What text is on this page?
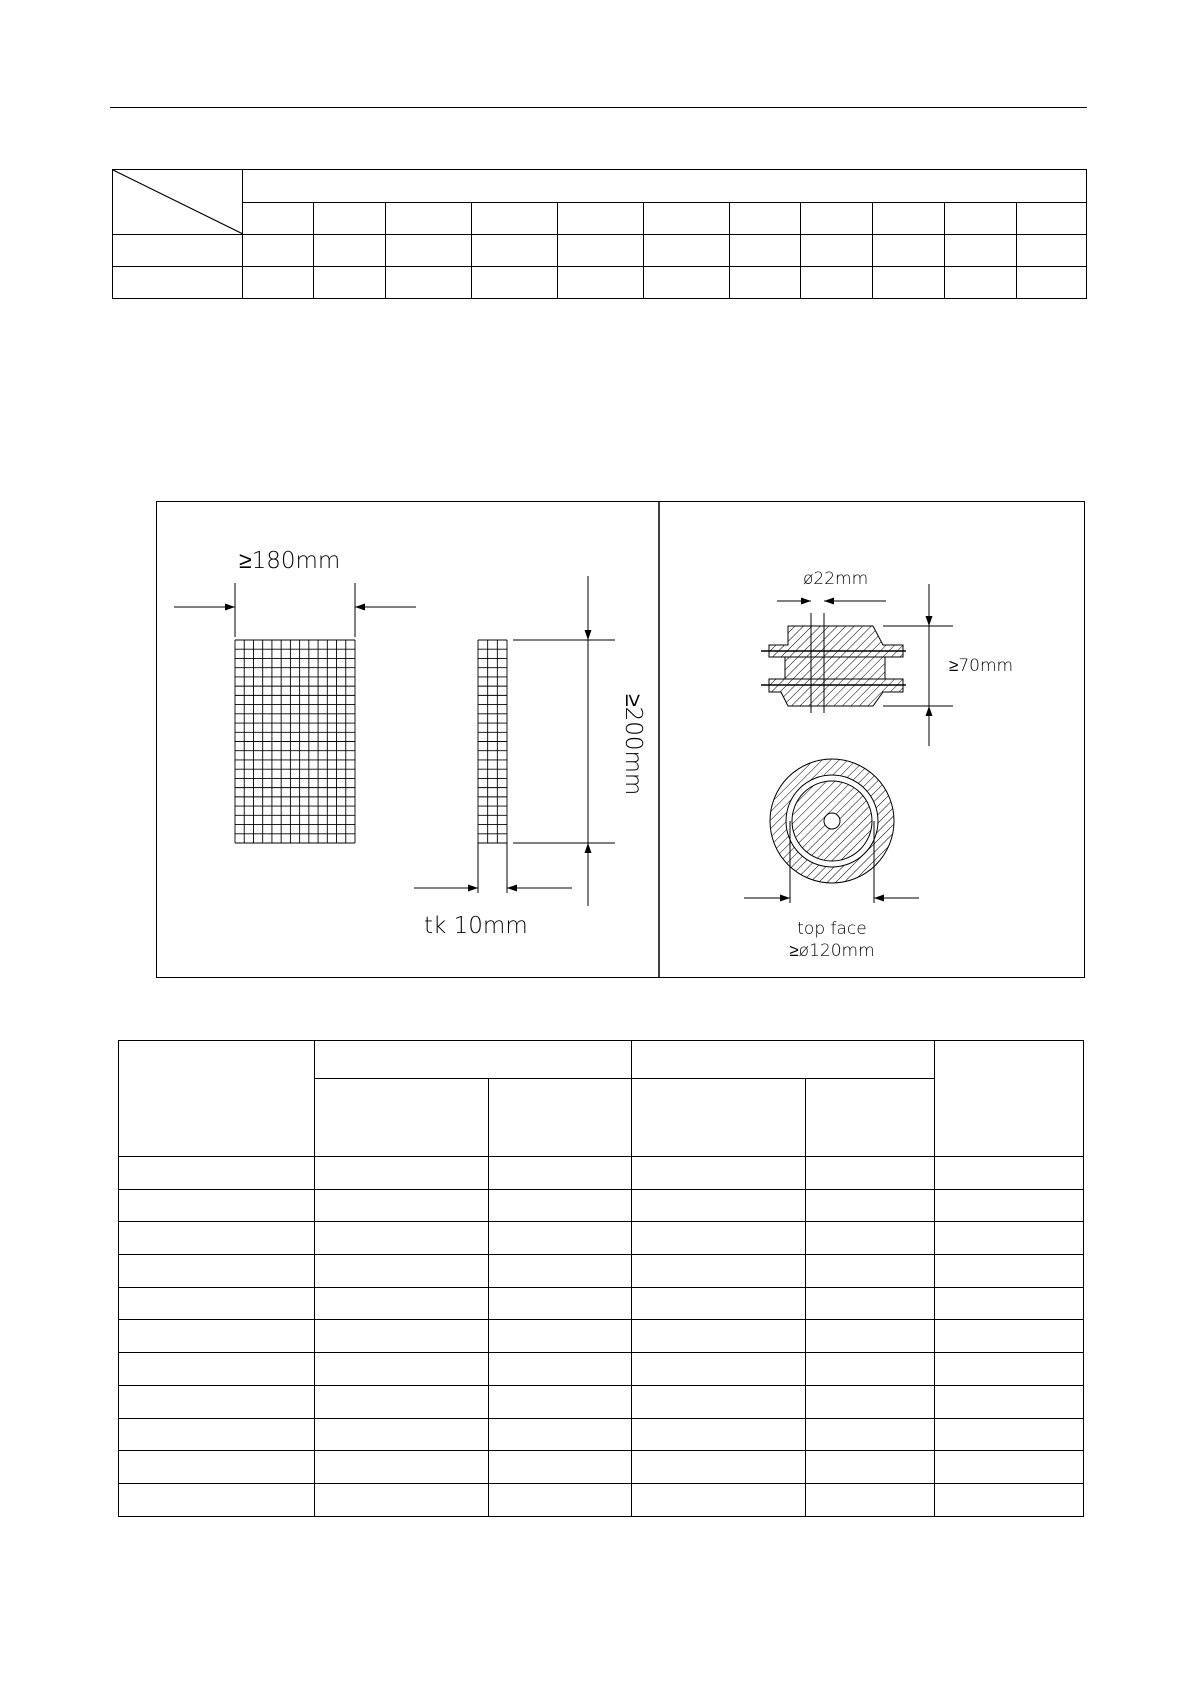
≥180mm
≥200mm
tk 10mm
ø22mm
≥70mm
top face
≥ø120mm
